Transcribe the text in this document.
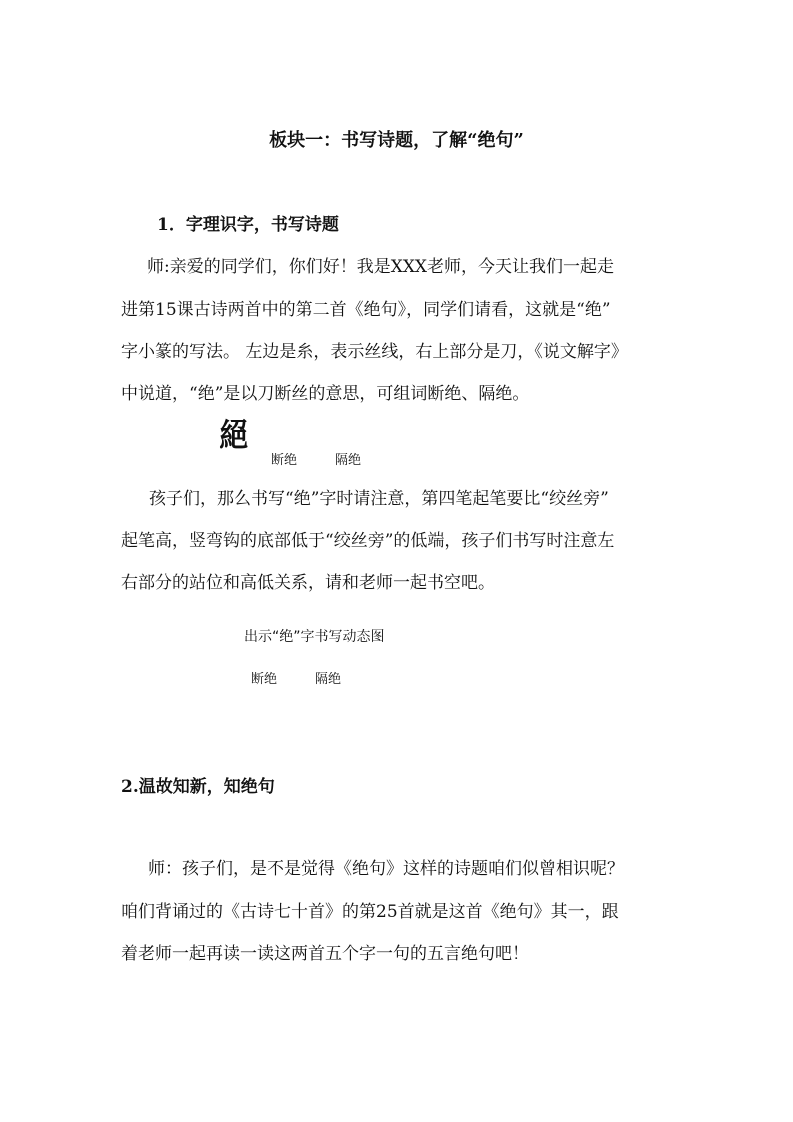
板块一：书写诗题，了解“绝句”
1．字理识字，书写诗题
师:亲爱的同学们，你们好！我是XXX老师，今天让我们一起走
进第15课古诗两首中的第二首《绝句》，同学们请看，这就是“绝”
字小篆的写法。 左边是糸，表示丝线，右上部分是刀，《说文解字》
中说道，“绝”是以刀断丝的意思，可组词断绝、隔绝。
絕
断绝	隔绝
孩子们，那么书写“绝”字时请注意，第四笔起笔要比“绞丝旁”
起笔高，竖弯钩的底部低于“绞丝旁”的低端，孩子们书写时注意左
右部分的站位和高低关系，请和老师一起书空吧。
出示“绝”字书写动态图
断绝	隔绝
2.温故知新，知绝句
师：孩子们，是不是觉得《绝句》这样的诗题咱们似曾相识呢？
咱们背诵过的《古诗七十首》的第25首就是这首《绝句》其一，跟
着老师一起再读一读这两首五个字一句的五言绝句吧！
